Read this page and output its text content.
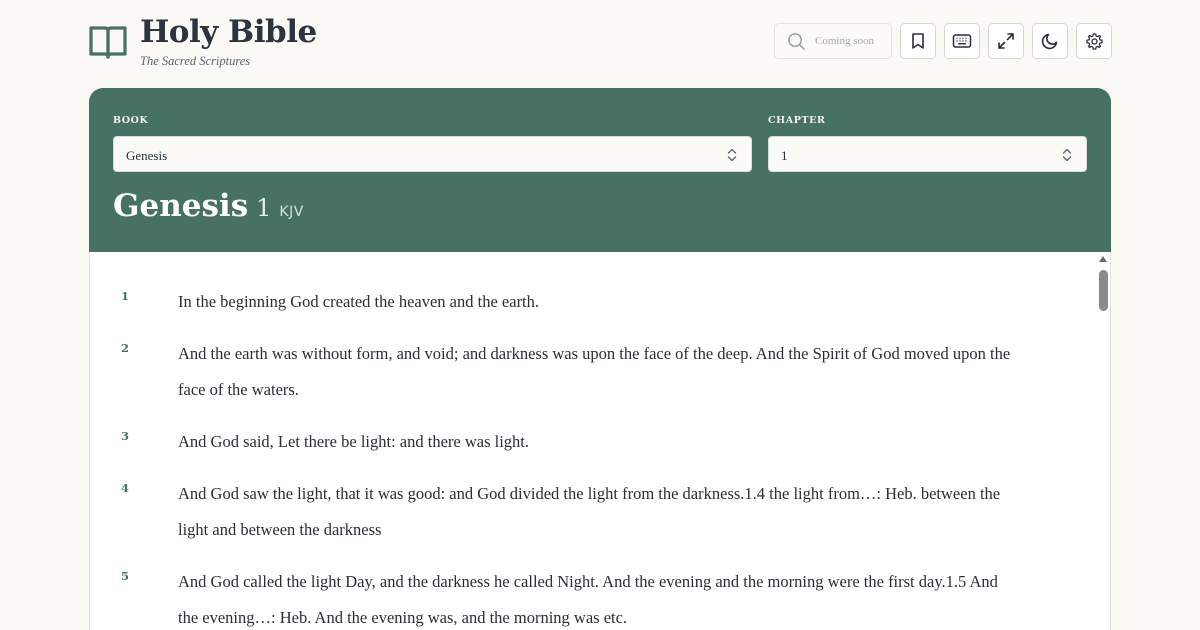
Holy Bible
The Sacred Scriptures
Coming soon
BOOK
Genesis
CHAPTER
1
Genesis 1 KJV
1	In the beginning God created the heaven and the earth.
2	And the earth was without form, and void; and darkness was upon the face of the deep. And the Spirit of God moved upon the face of the waters.
3	And God said, Let there be light: and there was light.
4	And God saw the light, that it was good: and God divided the light from the darkness.1.4 the light from…: Heb. between the light and between the darkness
5	And God called the light Day, and the darkness he called Night. And the evening and the morning were the first day.1.5 And the evening…: Heb. And the evening was, and the morning was etc.
